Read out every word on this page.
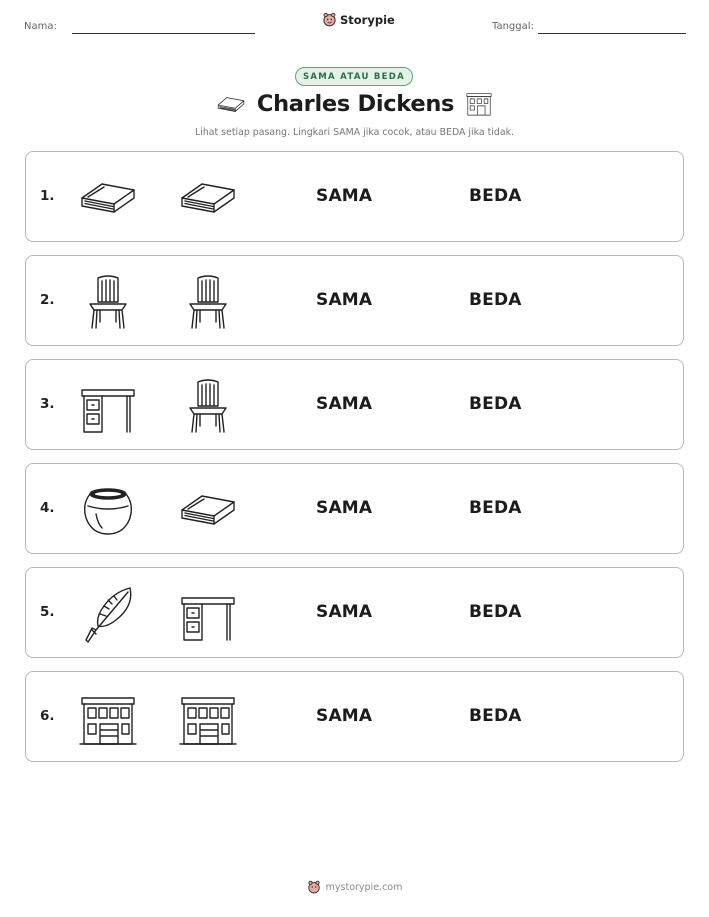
Nama:	Storypie	Tanggal:
SAMA ATAU BEDA
Charles Dickens
Lihat setiap pasang. Lingkari SAMA jika cocok, atau BEDA jika tidak.
1.	SAMA	BEDA
2.	SAMA	BEDA
3.	SAMA	BEDA
4.	SAMA	BEDA
5.	SAMA	BEDA
6.	SAMA	BEDA
mystorypie.com
